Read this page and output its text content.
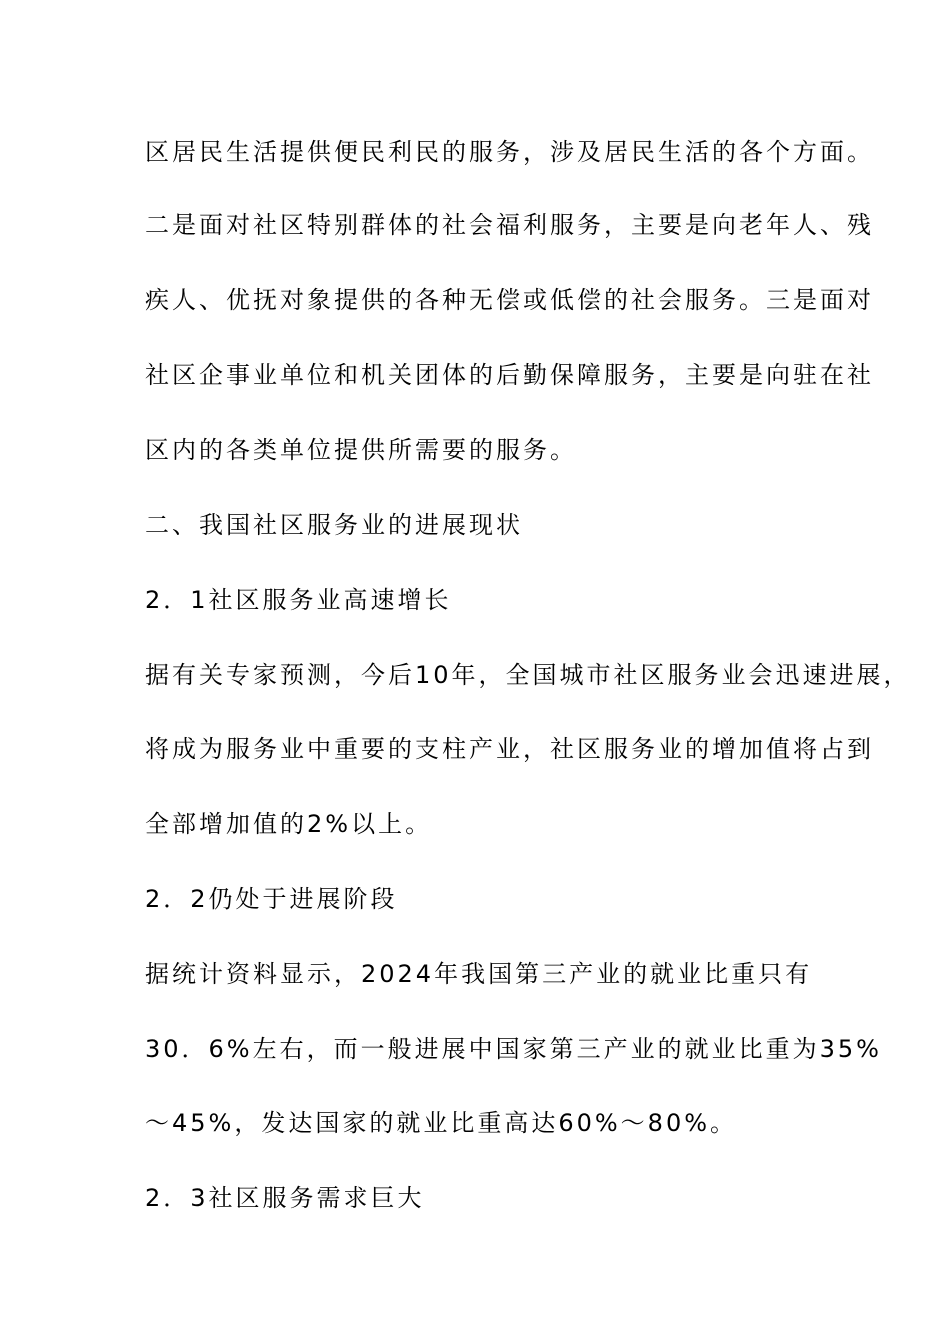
区居民生活提供便民利民的服务，涉及居民生活的各个方面。
二是面对社区特别群体的社会福利服务，主要是向老年人、残
疾人、优抚对象提供的各种无偿或低偿的社会服务。三是面对
社区企事业单位和机关团体的后勤保障服务，主要是向驻在社
区内的各类单位提供所需要的服务。
二、我国社区服务业的进展现状
2．1社区服务业高速增长
据有关专家预测，今后10年，全国城市社区服务业会迅速进展，
将成为服务业中重要的支柱产业，社区服务业的增加值将占到
全部增加值的2%以上。
2．2仍处于进展阶段
据统计资料显示，2024年我国第三产业的就业比重只有
30．6%左右，而一般进展中国家第三产业的就业比重为35%
～45%，发达国家的就业比重高达60%～80%。
2．3社区服务需求巨大
